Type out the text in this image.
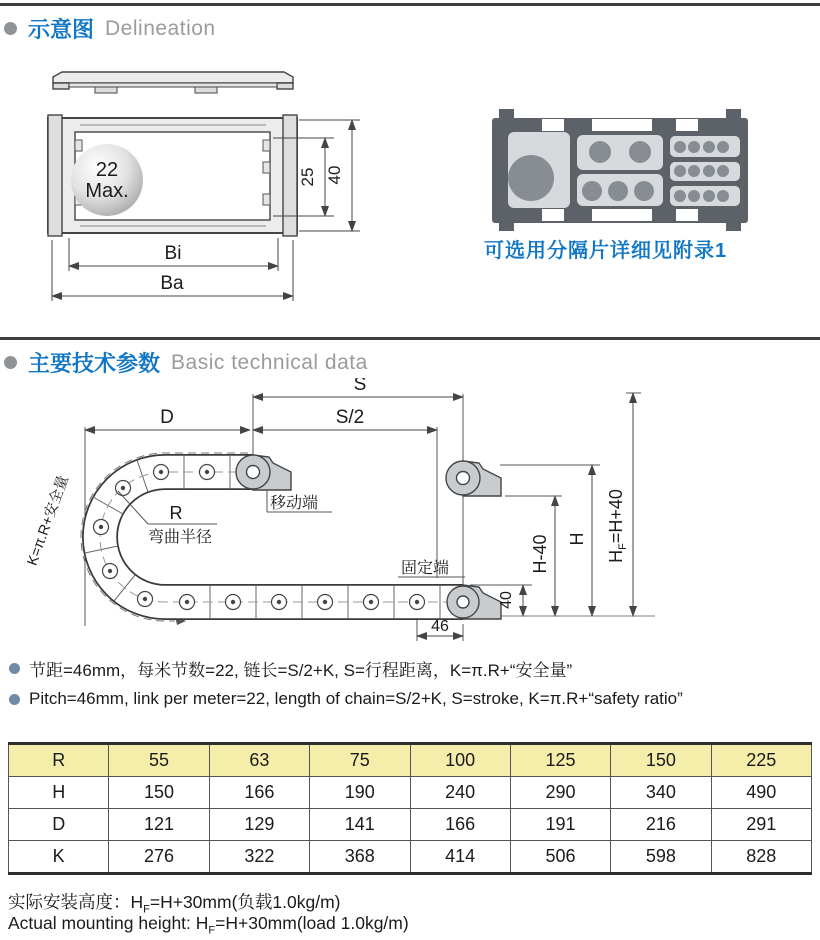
示意图 Delineation
22
Max.
25 40
Bi
Ba
可选用分隔片详细见附录1
主要技术参数 Basic technical data
S
S/2
D
移动端
固定端
R
弯曲半径
K=π.R+安全量	H-40 H
$H_F=H+40$
40
46
节距=46mm，每米节数=22, 链长=S/2+K, S=行程距离，K=π.R+“安全量”
Pitch=46mm, link per meter=22, length of chain=S/2+K, S=stroke, K=π.R+“safety ratio”
R	55	63	75	100	125	150	225
H	150	166	190	240	290	340	490
D	121	129	141	166	191	216	291
K	276	322	368	414	506	598	828
实际安装高度：$H_F=H+30mm$(负载1.0kg/m)
Actual mounting height: $H_F=H+30mm(load$ 1.0kg/m)
